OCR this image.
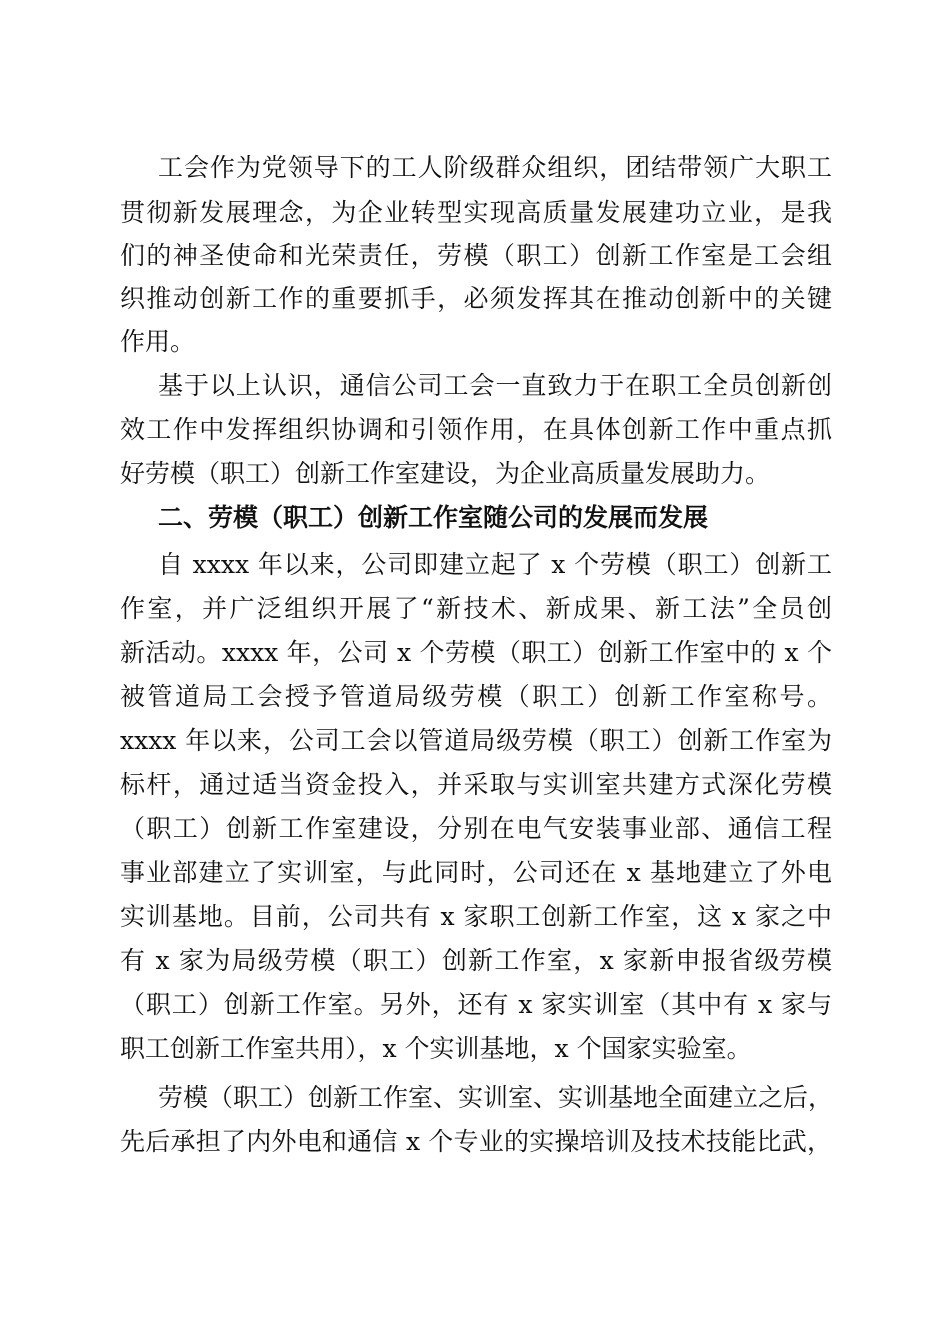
工会作为党领导下的工人阶级群众组织，团结带领广大职工
贯彻新发展理念，为企业转型实现高质量发展建功立业，是我
们的神圣使命和光荣责任，劳模（职工）创新工作室是工会组
织推动创新工作的重要抓手，必须发挥其在推动创新中的关键
作用。
基于以上认识，通信公司工会一直致力于在职工全员创新创
效工作中发挥组织协调和引领作用，在具体创新工作中重点抓
好劳模（职工）创新工作室建设，为企业高质量发展助力。
二、劳模（职工）创新工作室随公司的发展而发展
自 xxxx 年以来，公司即建立起了 x 个劳模（职工）创新工
作室，并广泛组织开展了“新技术、新成果、新工法”全员创
新活动。xxxx 年，公司 x 个劳模（职工）创新工作室中的 x 个
被管道局工会授予管道局级劳模（职工）创新工作室称号。
xxxx 年以来，公司工会以管道局级劳模（职工）创新工作室为
标杆，通过适当资金投入，并采取与实训室共建方式深化劳模
（职工）创新工作室建设，分别在电气安装事业部、通信工程
事业部建立了实训室，与此同时，公司还在 x 基地建立了外电
实训基地。目前，公司共有 x 家职工创新工作室，这 x 家之中
有 x 家为局级劳模（职工）创新工作室，x 家新申报省级劳模
（职工）创新工作室。另外，还有 x 家实训室（其中有 x 家与
职工创新工作室共用），x 个实训基地，x 个国家实验室。
劳模（职工）创新工作室、实训室、实训基地全面建立之后，
先后承担了内外电和通信 x 个专业的实操培训及技术技能比武，
